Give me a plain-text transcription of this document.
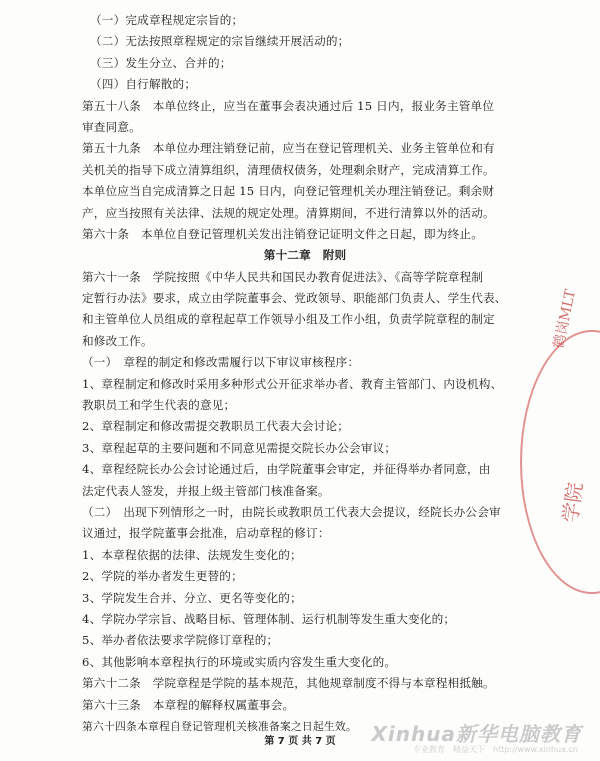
（一）完成章程规定宗旨的；
（二）无法按照章程规定的宗旨继续开展活动的；
（三）发生分立、合并的；
（四）自行解散的；
第五十八条　本单位终止，应当在董事会表决通过后 15 日内，报业务主管单位
审查同意。
第五十九条　本单位办理注销登记前，应当在登记管理机关、业务主管单位和有
关机关的指导下成立清算组织，清理债权债务，处理剩余财产，完成清算工作。
本单位应当自完成清算之日起 15 日内，向登记管理机关办理注销登记。剩余财
产，应当按照有关法律、法规的规定处理。清算期间，不进行清算以外的活动。
第六十条　本单位自登记管理机关发出注销登记证明文件之日起，即为终止。
第十二章　附则
第六十一条　学院按照《中华人民共和国民办教育促进法》、《高等学院章程制
定暂行办法》要求，成立由学院董事会、党政领导、职能部门负责人、学生代表、
和主管单位人员组成的章程起草工作领导小组及工作小组，负责学院章程的制定
和修改工作。
（一）　章程的制定和修改需履行以下审议审核程序：
1、章程制定和修改时采用多种形式公开征求举办者、教育主管部门、内设机构、
教职员工和学生代表的意见；
2、章程制定和修改需提交教职员工代表大会讨论；
3、章程起草的主要问题和不同意见需提交院长办公会审议；
4、章程经院长办公会讨论通过后，由学院董事会审定，并征得举办者同意，由
法定代表人签发，并报上级主管部门核准备案。
（二）　出现下列情形之一时，由院长或教职员工代表大会提议，经院长办公会审
议通过，报学院董事会批准，启动章程的修订：
1、本章程依据的法律、法规发生变化的；
2、学院的举办者发生更替的；
3、学院发生合并、分立、更名等变化的；
4、学院办学宗旨、战略目标、管理体制、运行机制等发生重大变化的；
5、举办者依法要求学院修订章程的；
6、其他影响本章程执行的环境或实质内容发生重大变化的。
第六十二条　学院章程是学院的基本规范，其他规章制度不得与本章程相抵触。
第六十三条　本章程的解释权属董事会。
第六十四条本章程自登记管理机关核准备案之日起生效。
鹤岗MLT
学院
Xinhua新华电脑教育
专业教育　精益天下　http://www.xinhua.cn
第 7 页 共 7 页
